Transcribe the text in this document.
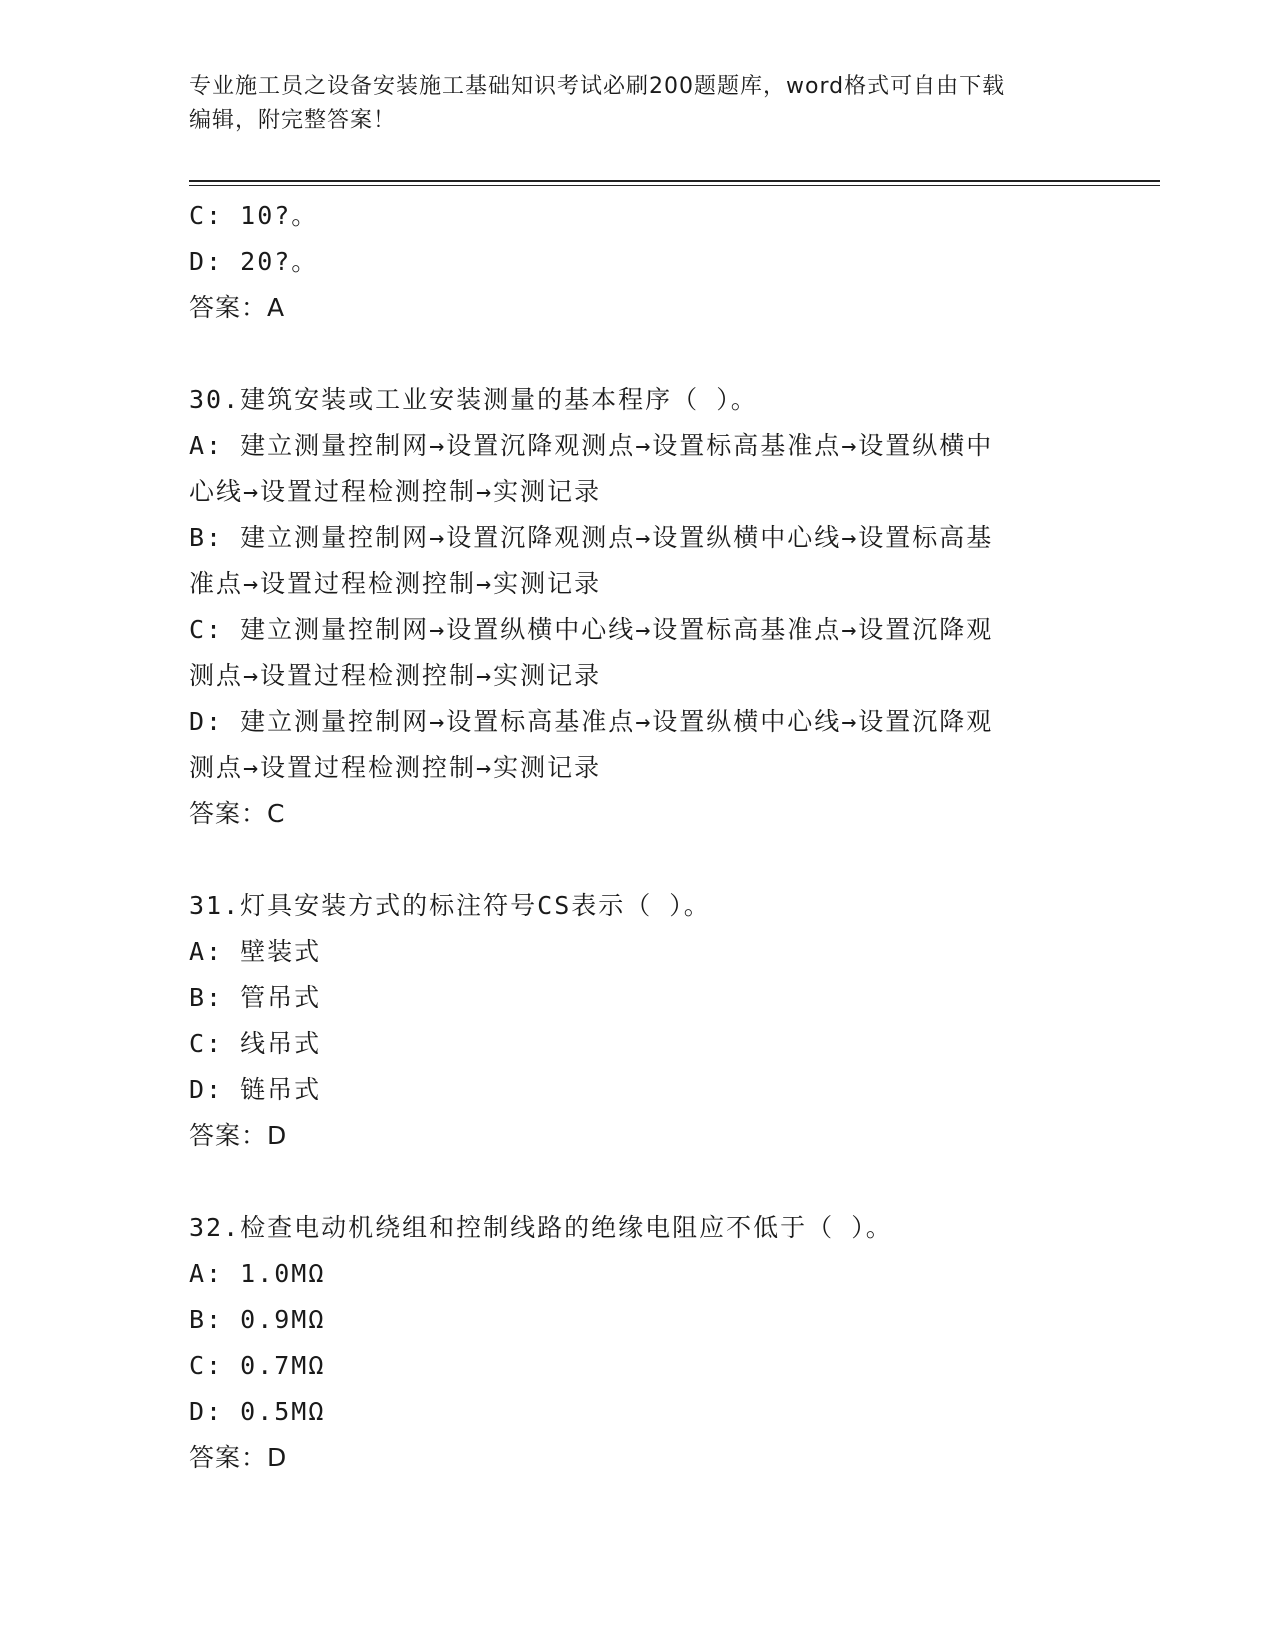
专业施工员之设备安装施工基础知识考试必刷200题题库，word格式可自由下载
编辑，附完整答案！
C: 10?。
D: 20?。
答案：A
30.建筑安装或工业安装测量的基本程序（ ）。
A: 建立测量控制网→设置沉降观测点→设置标高基准点→设置纵横中
心线→设置过程检测控制→实测记录
B: 建立测量控制网→设置沉降观测点→设置纵横中心线→设置标高基
准点→设置过程检测控制→实测记录
C: 建立测量控制网→设置纵横中心线→设置标高基准点→设置沉降观
测点→设置过程检测控制→实测记录
D: 建立测量控制网→设置标高基准点→设置纵横中心线→设置沉降观
测点→设置过程检测控制→实测记录
答案：C
31.灯具安装方式的标注符号CS表示（ ）。
A: 壁装式
B: 管吊式
C: 线吊式
D: 链吊式
答案：D
32.检查电动机绕组和控制线路的绝缘电阻应不低于（ ）。
A: 1.0MΩ
B: 0.9MΩ
C: 0.7MΩ
D: 0.5MΩ
答案：D
